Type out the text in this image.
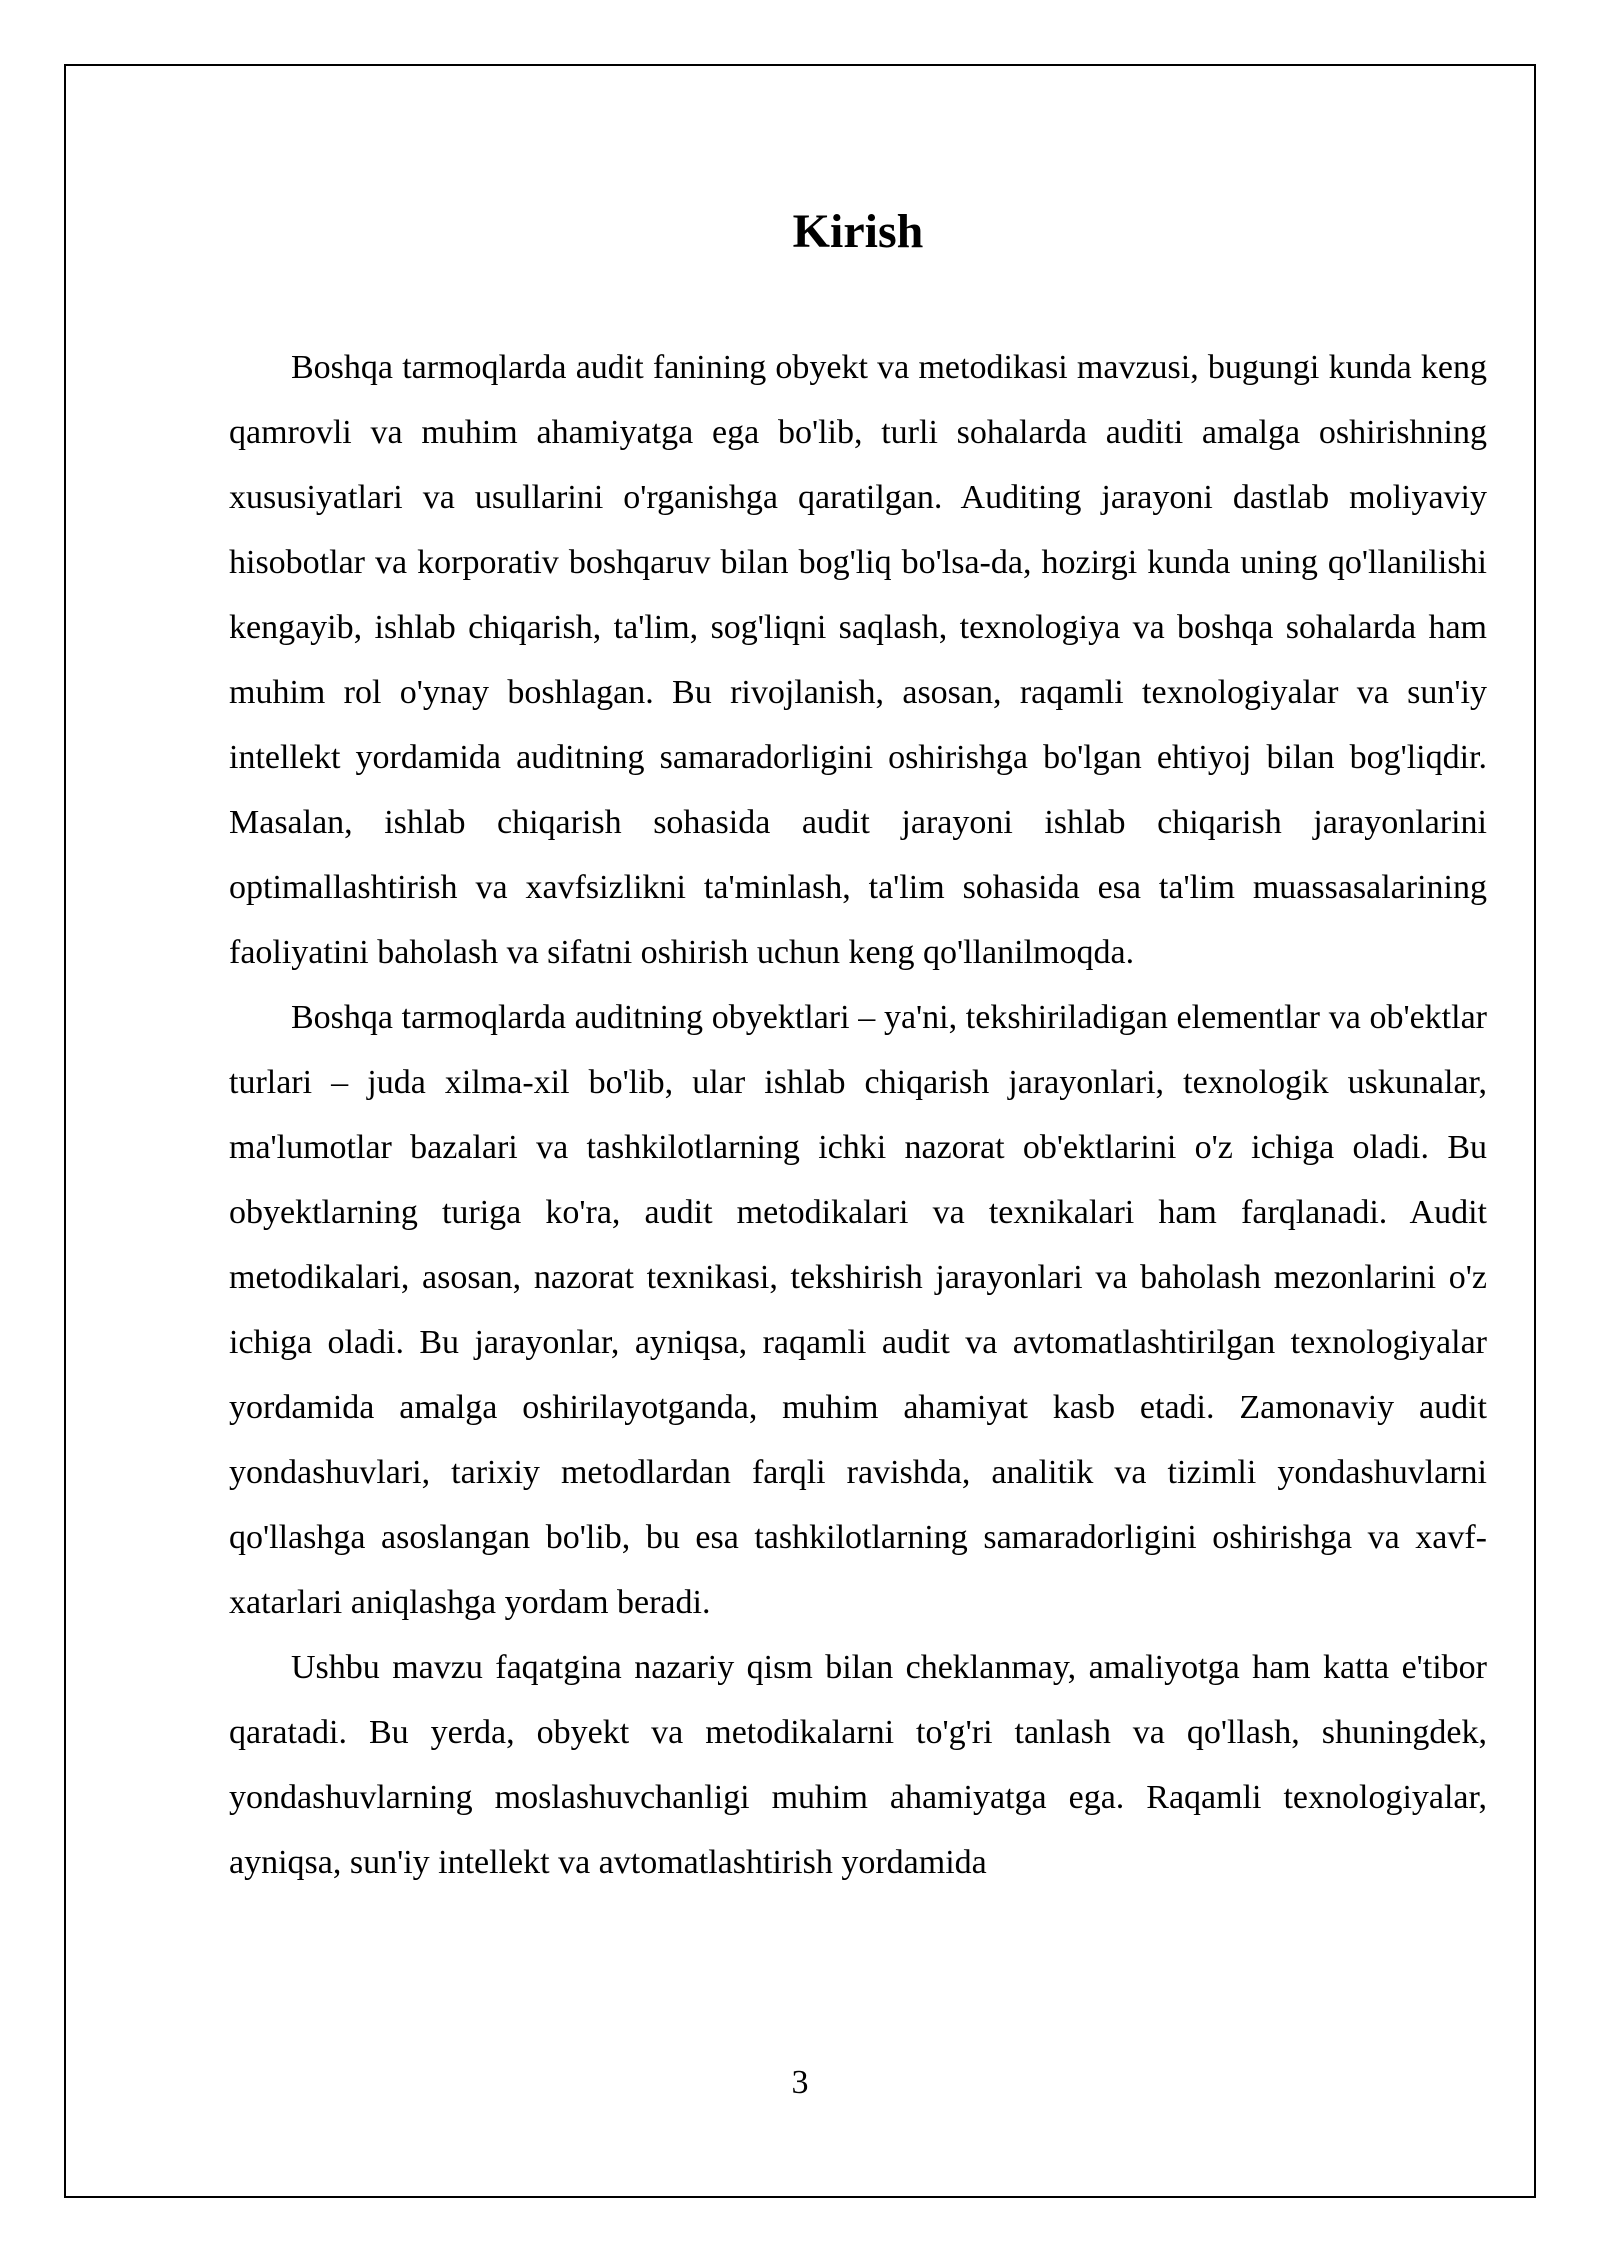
Kirish

Boshqa tarmoqlarda audit fanining obyekt va metodikasi mavzusi, bugungi kunda keng qamrovli va muhim ahamiyatga ega bo'lib, turli sohalarda auditi amalga oshirishning xususiyatlari va usullarini o'rganishga qaratilgan. Auditing jarayoni dastlab moliyaviy hisobotlar va korporativ boshqaruv bilan bog'liq bo'lsa-da, hozirgi kunda uning qo'llanilishi kengayib, ishlab chiqarish, ta'lim, sog'liqni saqlash, texnologiya va boshqa sohalarda ham muhim rol o'ynay boshlagan. Bu rivojlanish, asosan, raqamli texnologiyalar va sun'iy intellekt yordamida auditning samaradorligini oshirishga bo'lgan ehtiyoj bilan bog'liqdir. Masalan, ishlab chiqarish sohasida audit jarayoni ishlab chiqarish jarayonlarini optimallashtirish va xavfsizlikni ta'minlash, ta'lim sohasida esa ta'lim muassasalarining faoliyatini baholash va sifatni oshirish uchun keng qo'llanilmoqda.

Boshqa tarmoqlarda auditning obyektlari – ya'ni, tekshiriladigan elementlar va ob'ektlar turlari – juda xilma-xil bo'lib, ular ishlab chiqarish jarayonlari, texnologik uskunalar, ma'lumotlar bazalari va tashkilotlarning ichki nazorat ob'ektlarini o'z ichiga oladi. Bu obyektlarning turiga ko'ra, audit metodikalari va texnikalari ham farqlanadi. Audit metodikalari, asosan, nazorat texnikasi, tekshirish jarayonlari va baholash mezonlarini o'z ichiga oladi. Bu jarayonlar, ayniqsa, raqamli audit va avtomatlashtirilgan texnologiyalar yordamida amalga oshirilayotganda, muhim ahamiyat kasb etadi. Zamonaviy audit yondashuvlari, tarixiy metodlardan farqli ravishda, analitik va tizimli yondashuvlarni qo'llashga asoslangan bo'lib, bu esa tashkilotlarning samaradorligini oshirishga va xavf-xatarlari aniqlashga yordam beradi.

Ushbu mavzu faqatgina nazariy qism bilan cheklanmay, amaliyotga ham katta e'tibor qaratadi. Bu yerda, obyekt va metodikalarni to'g'ri tanlash va qo'llash, shuningdek, yondashuvlarning moslashuvchanligi muhim ahamiyatga ega. Raqamli texnologiyalar, ayniqsa, sun'iy intellekt va avtomatlashtirish yordamida

3
